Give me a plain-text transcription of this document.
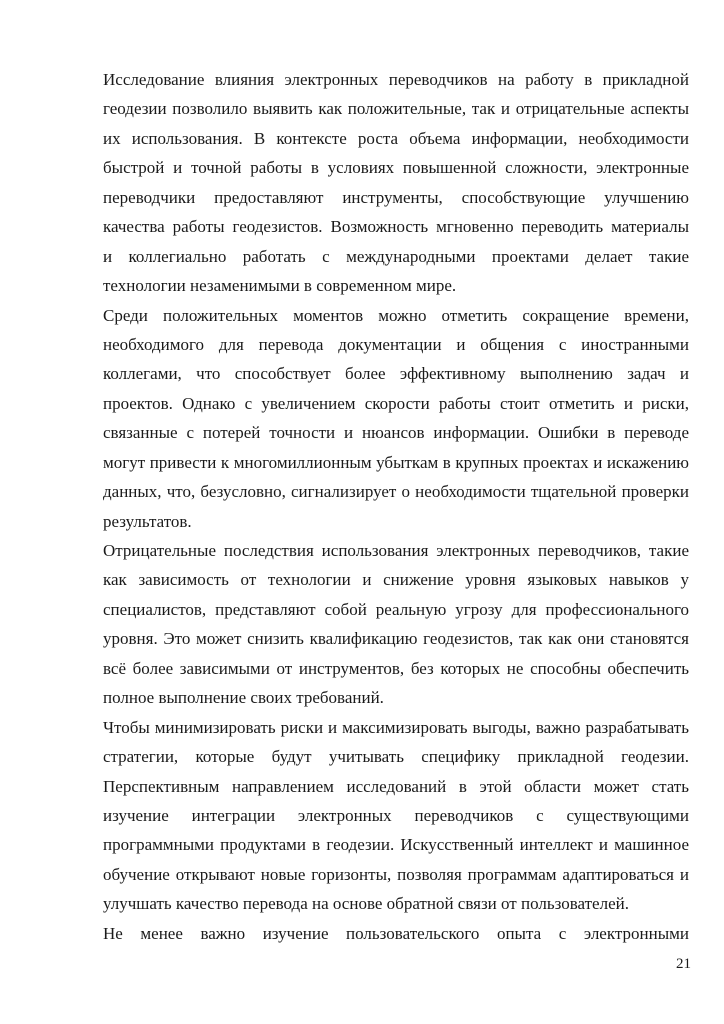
Исследование влияния электронных переводчиков на работу в прикладной
геодезии позволило выявить как положительные, так и отрицательные аспекты
их использования. В контексте роста объема информации, необходимости
быстрой и точной работы в условиях повышенной сложности, электронные
переводчики предоставляют инструменты, способствующие улучшению
качества работы геодезистов. Возможность мгновенно переводить материалы
и коллегиально работать с международными проектами делает такие
технологии незаменимыми в современном мире.
Среди положительных моментов можно отметить сокращение времени,
необходимого для перевода документации и общения с иностранными
коллегами, что способствует более эффективному выполнению задач и
проектов. Однако с увеличением скорости работы стоит отметить и риски,
связанные с потерей точности и нюансов информации. Ошибки в переводе
могут привести к многомиллионным убыткам в крупных проектах и искажению
данных, что, безусловно, сигнализирует о необходимости тщательной проверки
результатов.
Отрицательные последствия использования электронных переводчиков, такие
как зависимость от технологии и снижение уровня языковых навыков у
специалистов, представляют собой реальную угрозу для профессионального
уровня. Это может снизить квалификацию геодезистов, так как они становятся
всё более зависимыми от инструментов, без которых не способны обеспечить
полное выполнение своих требований.
Чтобы минимизировать риски и максимизировать выгоды, важно разрабатывать
стратегии, которые будут учитывать специфику прикладной геодезии.
Перспективным направлением исследований в этой области может стать
изучение интеграции электронных переводчиков с существующими
программными продуктами в геодезии. Искусственный интеллект и машинное
обучение открывают новые горизонты, позволяя программам адаптироваться и
улучшать качество перевода на основе обратной связи от пользователей.
Не менее важно изучение пользовательского опыта с электронными
21
